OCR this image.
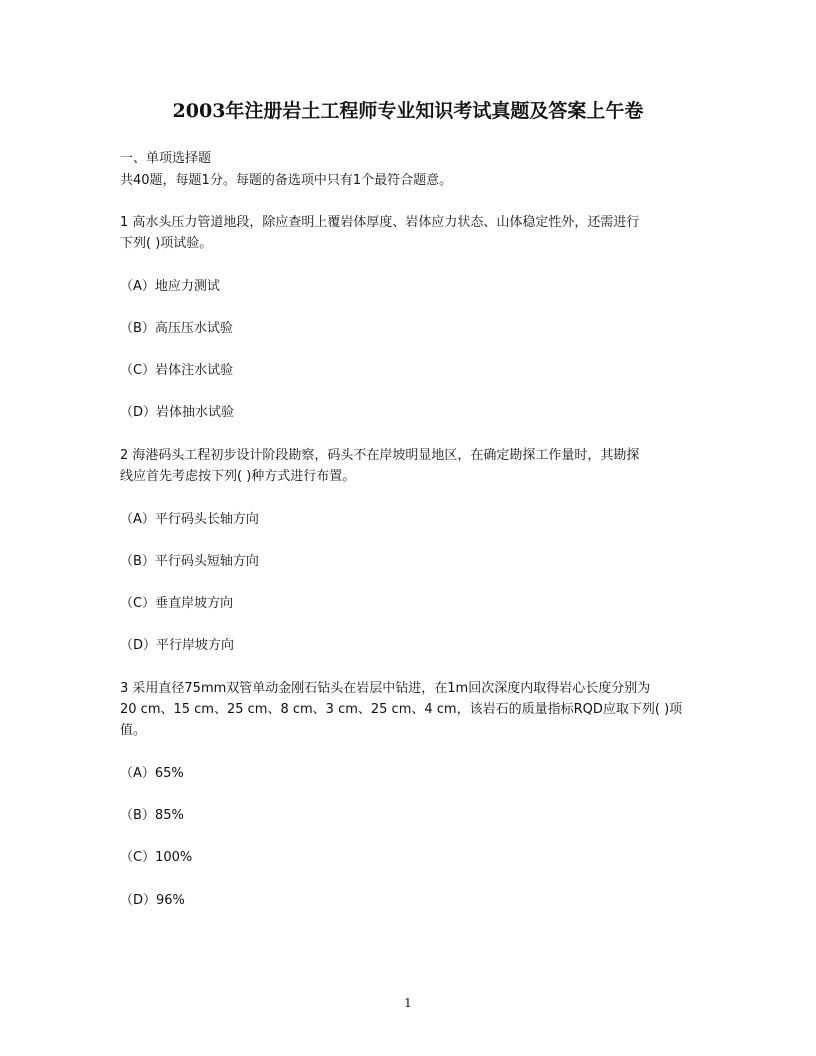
2003年注册岩土工程师专业知识考试真题及答案上午卷

一、单项选择题

共40题，每题1分。每题的备选项中只有1个最符合题意。

1 高水头压力管道地段，除应查明上覆岩体厚度、岩体应力状态、山体稳定性外，还需进行

下列( )项试验。

（A）地应力测试

（B）高压压水试验

（C）岩体注水试验

（D）岩体抽水试验

2 海港码头工程初步设计阶段勘察，码头不在岸坡明显地区，在确定勘探工作量时，其勘探

线应首先考虑按下列( )种方式进行布置。

（A）平行码头长轴方向

（B）平行码头短轴方向

（C）垂直岸坡方向

（D）平行岸坡方向

3 采用直径75mm双管单动金刚石钻头在岩层中钻进，在1m回次深度内取得岩心长度分别为

20 cm、15 cm、25 cm、8 cm、3 cm、25 cm、4 cm，该岩石的质量指标RQD应取下列( )项

值。

（A）65%

（B）85%

（C）100%

（D）96%

1
